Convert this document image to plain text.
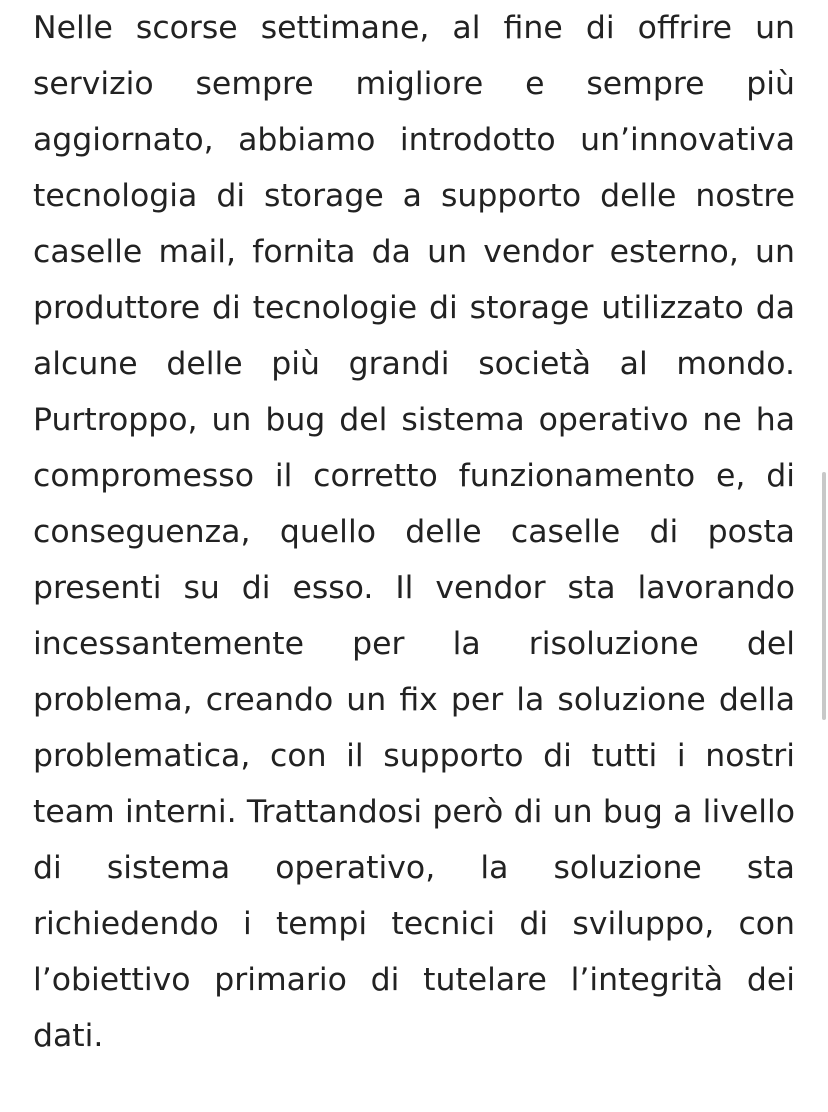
Nelle scorse settimane, al fine di offrire un servizio sempre migliore e sempre più aggiornato, abbiamo introdotto un’innovativa tecnologia di storage a supporto delle nostre caselle mail, fornita da un vendor esterno, un produttore di tecnologie di storage utilizzato da alcune delle più grandi società al mondo. Purtroppo, un bug del sistema operativo ne ha compromesso il corretto funzionamento e, di conseguenza, quello delle caselle di posta presenti su di esso. Il vendor sta lavorando incessantemente per la risoluzione del problema, creando un fix per la soluzione della problematica, con il supporto di tutti i nostri team interni. Trattandosi però di un bug a livello di sistema operativo, la soluzione sta richiedendo i tempi tecnici di sviluppo, con l’obiettivo primario di tutelare l’integrità dei dati.
